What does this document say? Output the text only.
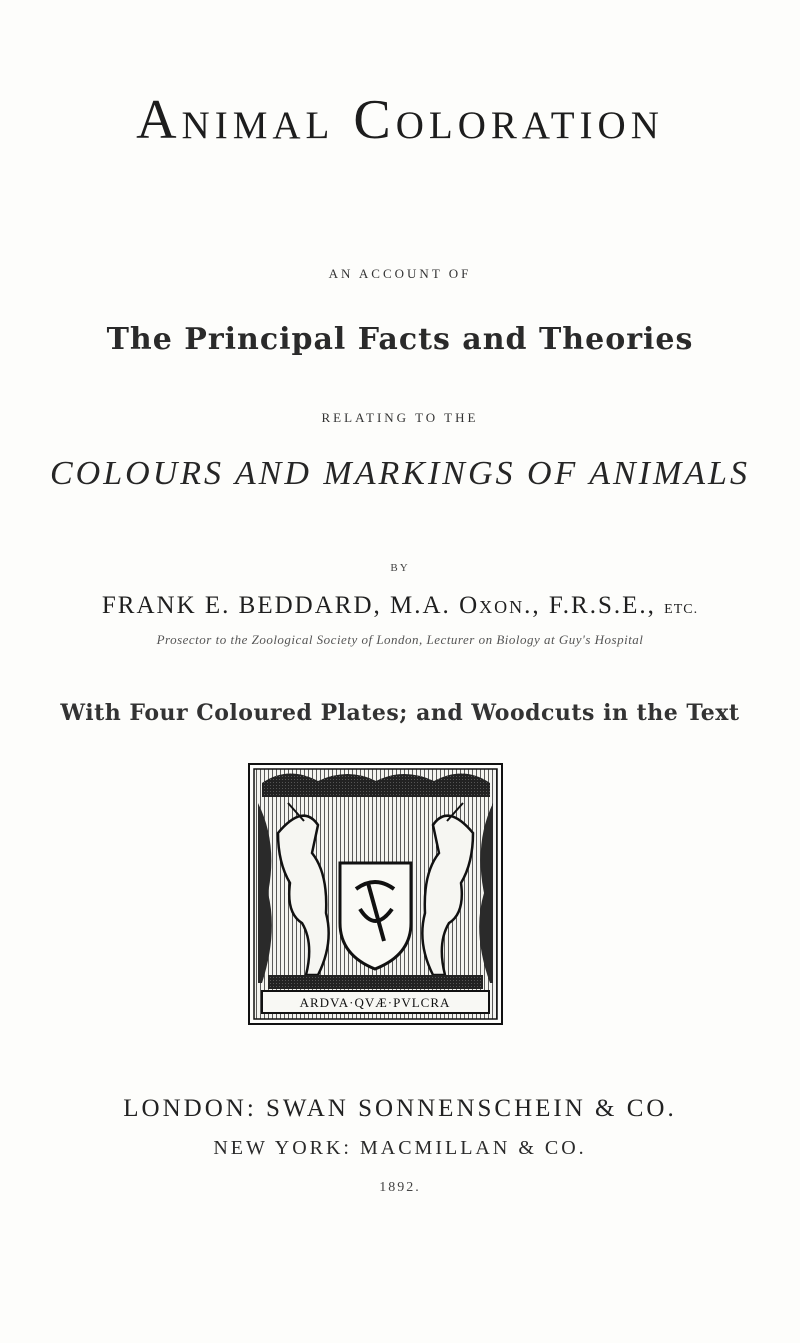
Animal Coloration
AN ACCOUNT OF
The Principal Facts and Theories
RELATING TO THE
COLOURS AND MARKINGS OF ANIMALS
BY
FRANK E. BEDDARD, M.A. Oxon., F.R.S.E., ETC.
Prosector to the Zoological Society of London, Lecturer on Biology at Guy's Hospital
With Four Coloured Plates; and Woodcuts in the Text
ARDVA·QVÆ·PVLCRA
LONDON: SWAN SONNENSCHEIN & CO.
NEW YORK: MACMILLAN & CO.
1892.
